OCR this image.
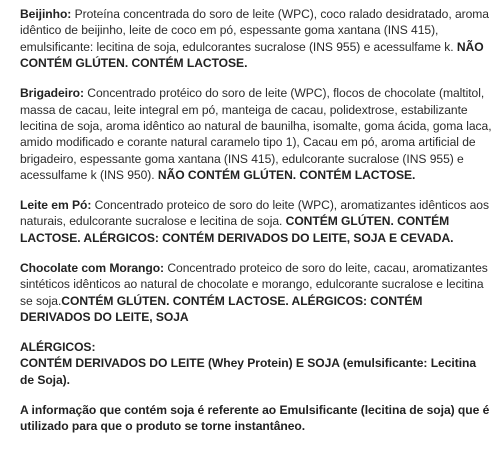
Beijinho: Proteína concentrada do soro de leite (WPC), coco ralado desidratado, aroma idêntico de beijinho, leite de coco em pó, espessante goma xantana (INS 415), emulsificante: lecitina de soja, edulcorantes sucralose (INS 955) e acessulfame k. NÃO CONTÉM GLÚTEN. CONTÉM LACTOSE.

Brigadeiro: Concentrado protéico do soro de leite (WPC), flocos de chocolate (maltitol, massa de cacau, leite integral em pó, manteiga de cacau, polidextrose, estabilizante lecitina de soja, aroma idêntico ao natural de baunilha, isomalte, goma ácida, goma laca, amido modificado e corante natural caramelo tipo 1), Cacau em pó, aroma artificial de brigadeiro, espessante goma xantana (INS 415), edulcorante sucralose (INS 955) e acessulfame k (INS 950). NÃO CONTÉM GLÚTEN. CONTÉM LACTOSE.

Leite em Pó: Concentrado proteico de soro do leite (WPC), aromatizantes idênticos aos naturais, edulcorante sucralose e lecitina de soja. CONTÉM GLÚTEN. CONTÉM LACTOSE. ALÉRGICOS: CONTÉM DERIVADOS DO LEITE, SOJA E CEVADA.

Chocolate com Morango: Concentrado proteico de soro do leite, cacau, aromatizantes sintéticos idênticos ao natural de chocolate e morango, edulcorante sucralose e lecitina se soja.CONTÉM GLÚTEN. CONTÉM LACTOSE. ALÉRGICOS: CONTÉM DERIVADOS DO LEITE, SOJA

ALÉRGICOS:
CONTÉM DERIVADOS DO LEITE (Whey Protein) E SOJA (emulsificante: Lecitina de Soja).

A informação que contém soja é referente ao Emulsificante (lecitina de soja) que é utilizado para que o produto se torne instantâneo.
